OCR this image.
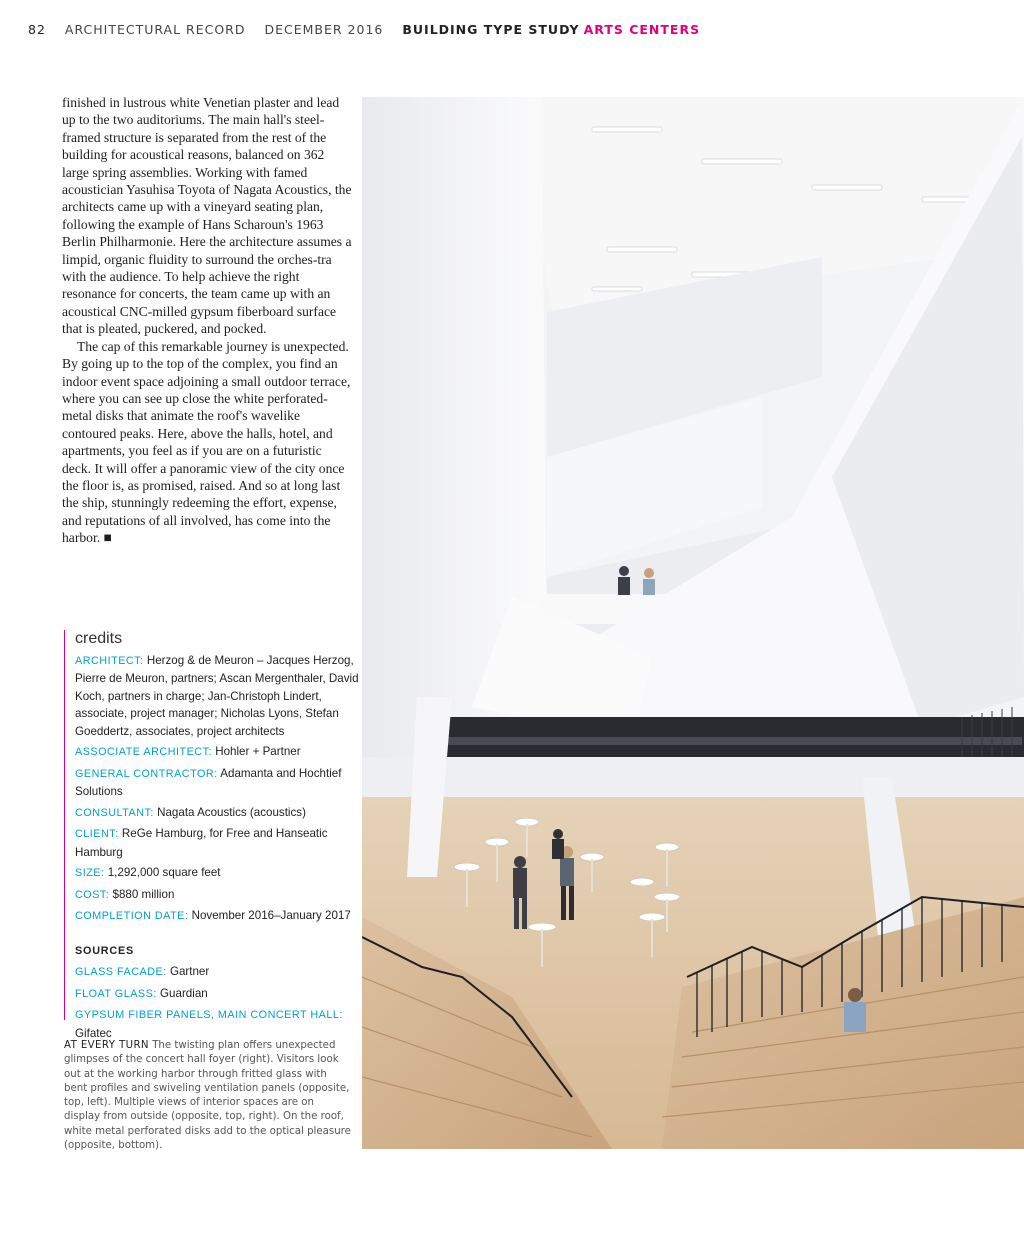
82 ARCHITECTURAL RECORD DECEMBER 2016 BUILDING TYPE STUDY ARTS CENTERS

finished in lustrous white Venetian plaster and lead up to the two auditoriums. The main hall's steel-framed structure is separated from the rest of the building for acoustical reasons, balanced on 362 large spring assemblies. Working with famed acoustician Yasuhisa Toyota of Nagata Acoustics, the architects came up with a vineyard seating plan, following the example of Hans Scharoun's 1963 Berlin Philharmonie. Here the architecture assumes a limpid, organic fluidity to surround the orches-tra with the audience. To help achieve the right resonance for concerts, the team came up with an acoustical CNC-milled gypsum fiberboard surface that is pleated, puckered, and pocked.

The cap of this remarkable journey is unexpected. By going up to the top of the complex, you find an indoor event space adjoining a small outdoor terrace, where you can see up close the white perforated-metal disks that animate the roof's wavelike contoured peaks. Here, above the halls, hotel, and apartments, you feel as if you are on a futuristic deck. It will offer a panoramic view of the city once the floor is, as promised, raised. And so at long last the ship, stunningly redeeming the effort, expense, and reputations of all involved, has come into the harbor. ■

credits
ARCHITECT: Herzog & de Meuron – Jacques Herzog, Pierre de Meuron, partners; Ascan Mergenthaler, David Koch, partners in charge; Jan-Christoph Lindert, associate, project manager; Nicholas Lyons, Stefan Goeddertz, associates, project architects
ASSOCIATE ARCHITECT: Hohler + Partner
GENERAL CONTRACTOR: Adamanta and Hochtief Solutions
CONSULTANT: Nagata Acoustics (acoustics)
CLIENT: ReGe Hamburg, for Free and Hanseatic Hamburg
SIZE: 1,292,000 square feet
COST: $880 million
COMPLETION DATE: November 2016–January 2017
SOURCES
GLASS FACADE: Gartner
FLOAT GLASS: Guardian
GYPSUM FIBER PANELS, MAIN CONCERT HALL: Gifatec
AT EVERY TURN The twisting plan offers unexpected glimpses of the concert hall foyer (right). Visitors look out at the working harbor through fritted glass with bent profiles and swiveling ventilation panels (opposite, top, left). Multiple views of interior spaces are on display from outside (opposite, top, right). On the roof, white metal perforated disks add to the optical pleasure (opposite, bottom).
